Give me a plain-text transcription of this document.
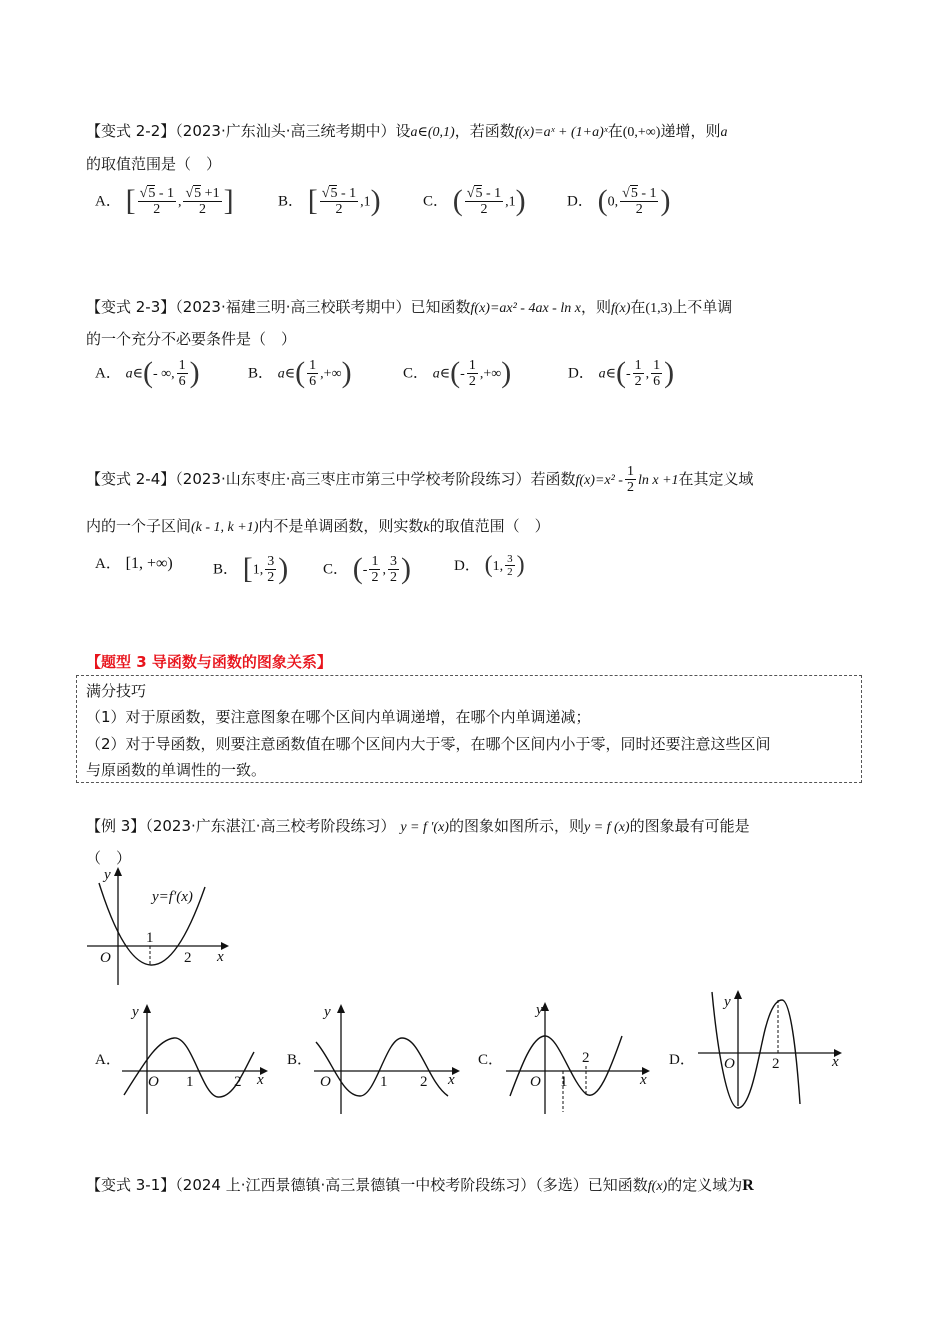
【变式 2-2】（2023·广东汕头·高三统考期中）设a∈(0,1)，若函数f(x)=aˣ + (1+a)ˣ在(0,+∞)递增，则a
的取值范围是（　）
A． [ $\frac{√5 - 1}{2}$ , $\frac{√5 +1}{2}$ ]	B． [ $\frac{√5 - 1}{2} ,1$)	C． ( $\frac{√5 - 1}{2} ,1$)	D． (0, $\frac{√5 - 1}{2}$ )
【变式 2-3】（2023·福建三明·高三校联考期中）已知函数f(x)=ax² - 4ax - ln x，则f(x)在(1,3)上不单调
的一个充分不必要条件是（　）
A． a∈(- ∞, $\frac{1}{6}$ )	B． a∈( $\frac{1}{6}$ ,+∞)	C． a∈(- $\frac{1}{2}$ ,+∞)	D． a∈(- $\frac{1}{2}$ , $\frac{1}{6}$ )
【变式 2-4】（2023·山东枣庄·高三枣庄市第三中学校考阶段练习）若函数$f(x)=x^2 - \frac{1}{2}$ ln x +1在其定义域
内的一个子区间(k - 1, k +1)内不是单调函数，则实数k的取值范围（　）
A． [1, +∞)	B． [1, $\frac{3}{2}$ ) C． (- $\frac{1}{2}$ , $\frac{3}{2}$ )	D． (1, $\frac{3}{2}$ )
【题型 3 导函数与函数的图象关系】
满分技巧
（1）对于原函数，要注意图象在哪个区间内单调递增，在哪个内单调递减；
（2）对于导函数，则要注意函数值在哪个区间内大于零，在哪个区间内小于零，同时还要注意这些区间
与原函数的单调性的一致。
【例 3】（2023·广东湛江·高三校考阶段练习） y = f ′(x)的图象如图所示，则y = f (x)的图象最有可能是
（　）
y
y=f′(x)
1
2
O	x
A．
y
O 1	2 x
B．
y
O	1 2 x
C．
y
O 1
2
x
D．
y
O 2	x
【变式 3-1】（2024 上·江西景德镇·高三景德镇一中校考阶段练习）（多选）已知函数f(x)的定义域为R
